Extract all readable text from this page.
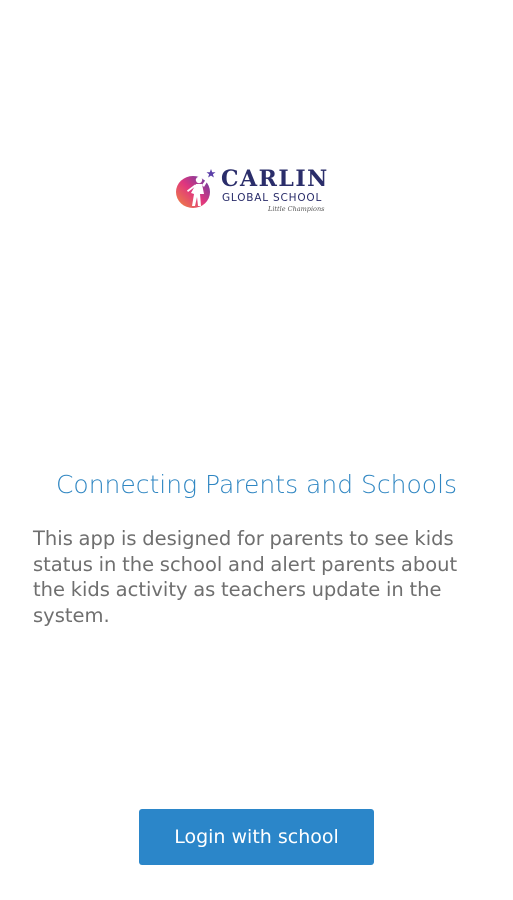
CARLIN
GLOBAL SCHOOL
Little Champions
Connecting Parents and Schools
This app is designed for parents to see kids status in the school and alert parents about the kids activity as teachers update in the system.
Login with school
